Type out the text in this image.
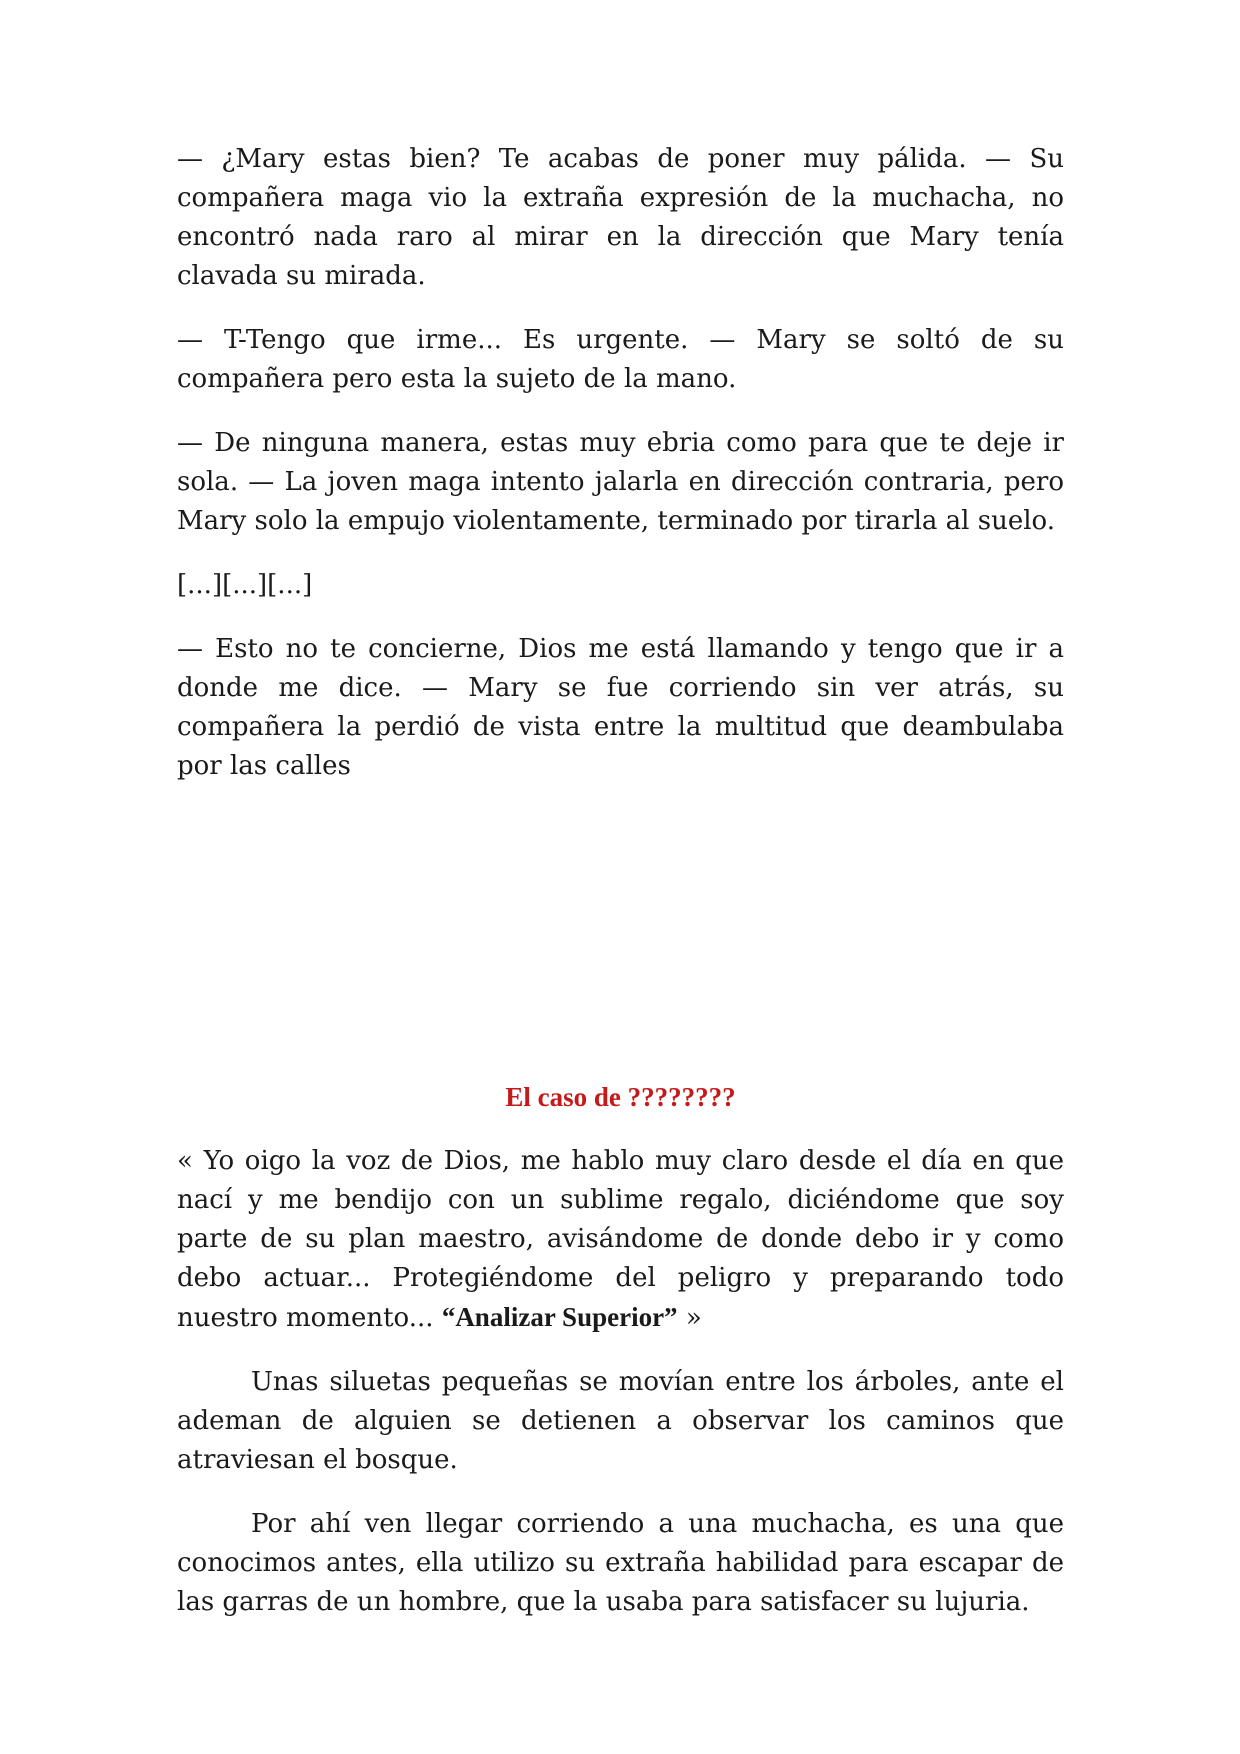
— ¿Mary estas bien? Te acabas de poner muy pálida. — Su compañera maga vio la extraña expresión de la muchacha, no encontró nada raro al mirar en la dirección que Mary tenía clavada su mirada.

— T-Tengo que irme... Es urgente. — Mary se soltó de su compañera pero esta la sujeto de la mano.

— De ninguna manera, estas muy ebria como para que te deje ir sola. — La joven maga intento jalarla en dirección contraria, pero Mary solo la empujo violentamente, terminado por tirarla al suelo.

[...][...][...]

— Esto no te concierne, Dios me está llamando y tengo que ir a donde me dice. — Mary se fue corriendo sin ver atrás, su compañera la perdió de vista entre la multitud que deambulaba por las calles

El caso de ????????

« Yo oigo la voz de Dios, me hablo muy claro desde el día en que nací y me bendijo con un sublime regalo, diciéndome que soy parte de su plan maestro, avisándome de donde debo ir y como debo actuar... Protegiéndome del peligro y preparando todo nuestro momento... “Analizar Superior” »

Unas siluetas pequeñas se movían entre los árboles, ante el ademan de alguien se detienen a observar los caminos que atraviesan el bosque.

Por ahí ven llegar corriendo a una muchacha, es una que conocimos antes, ella utilizo su extraña habilidad para escapar de las garras de un hombre, que la usaba para satisfacer su lujuria.
